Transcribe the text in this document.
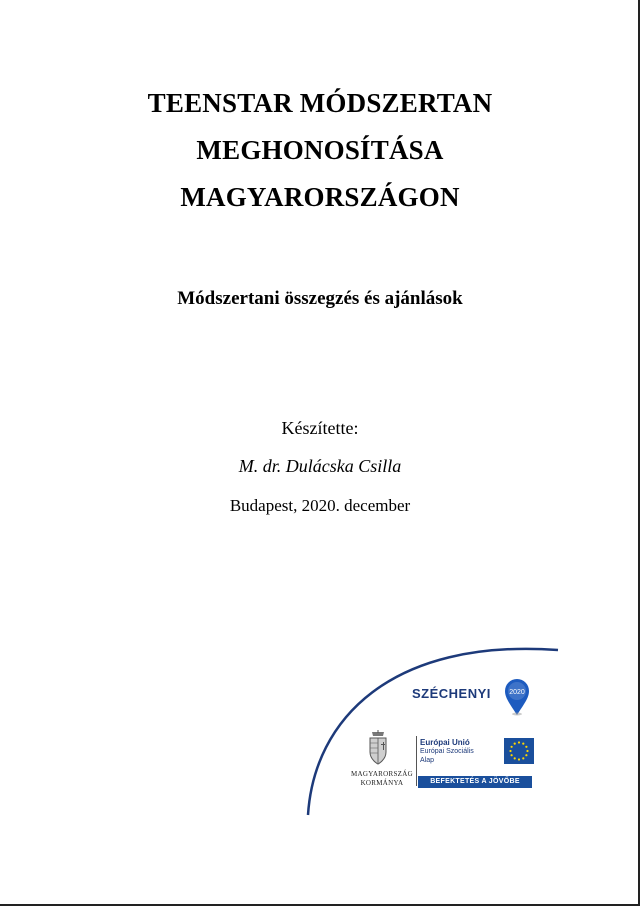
TEENSTAR MÓDSZERTAN
MEGHONOSÍTÁSA
MAGYARORSZÁGON
Módszertani összegzés és ajánlások
Készítette:
M. dr. Dulácska Csilla
Budapest, 2020. december
SZÉCHENYI	2020
MAGYARORSZÁG
KORMÁNYA
Európai Unió
Európai Szociális
Alap
BEFEKTETÉS A JÖVŐBE
